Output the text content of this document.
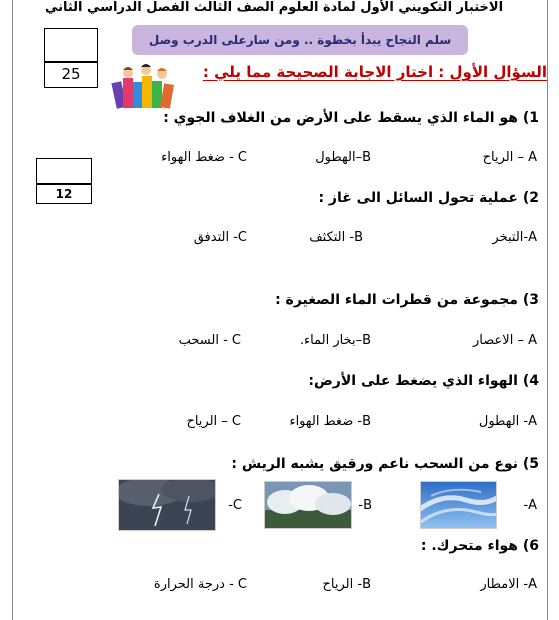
الاختبار التكويني الأول لمادة العلوم الصف الثالث الفصل الدراسي الثاني
25
سلم النجاح يبدأ بخطوة .. ومن سارعلى الدرب وصل
السؤال الأول : اختار الاجابة الصحيحة مما يلي :
12
1) هو الماء الذي يسقط على الأرض من الغلاف الجوي :
A – الرياح
B–الهطول
C - ضغط الهواء
2) عملية تحول السائل الى غاز :
A-التبخر
B- التكثف
C- التدفق
3) مجموعة من قطرات الماء الصغيرة :
A – الاعصار
B–بخار الماء.
C - السحب
4) الهواء الذي يضغط على الأرض:
A- الهطول
B- ضغط الهواء
C – الرياح
5) نوع من السحب ناعم ورقيق يشبه الريش :
A-
B-
C-
6) هواء متحرك. :
A- الامطار
B- الرياح
C - درجة الحرارة
